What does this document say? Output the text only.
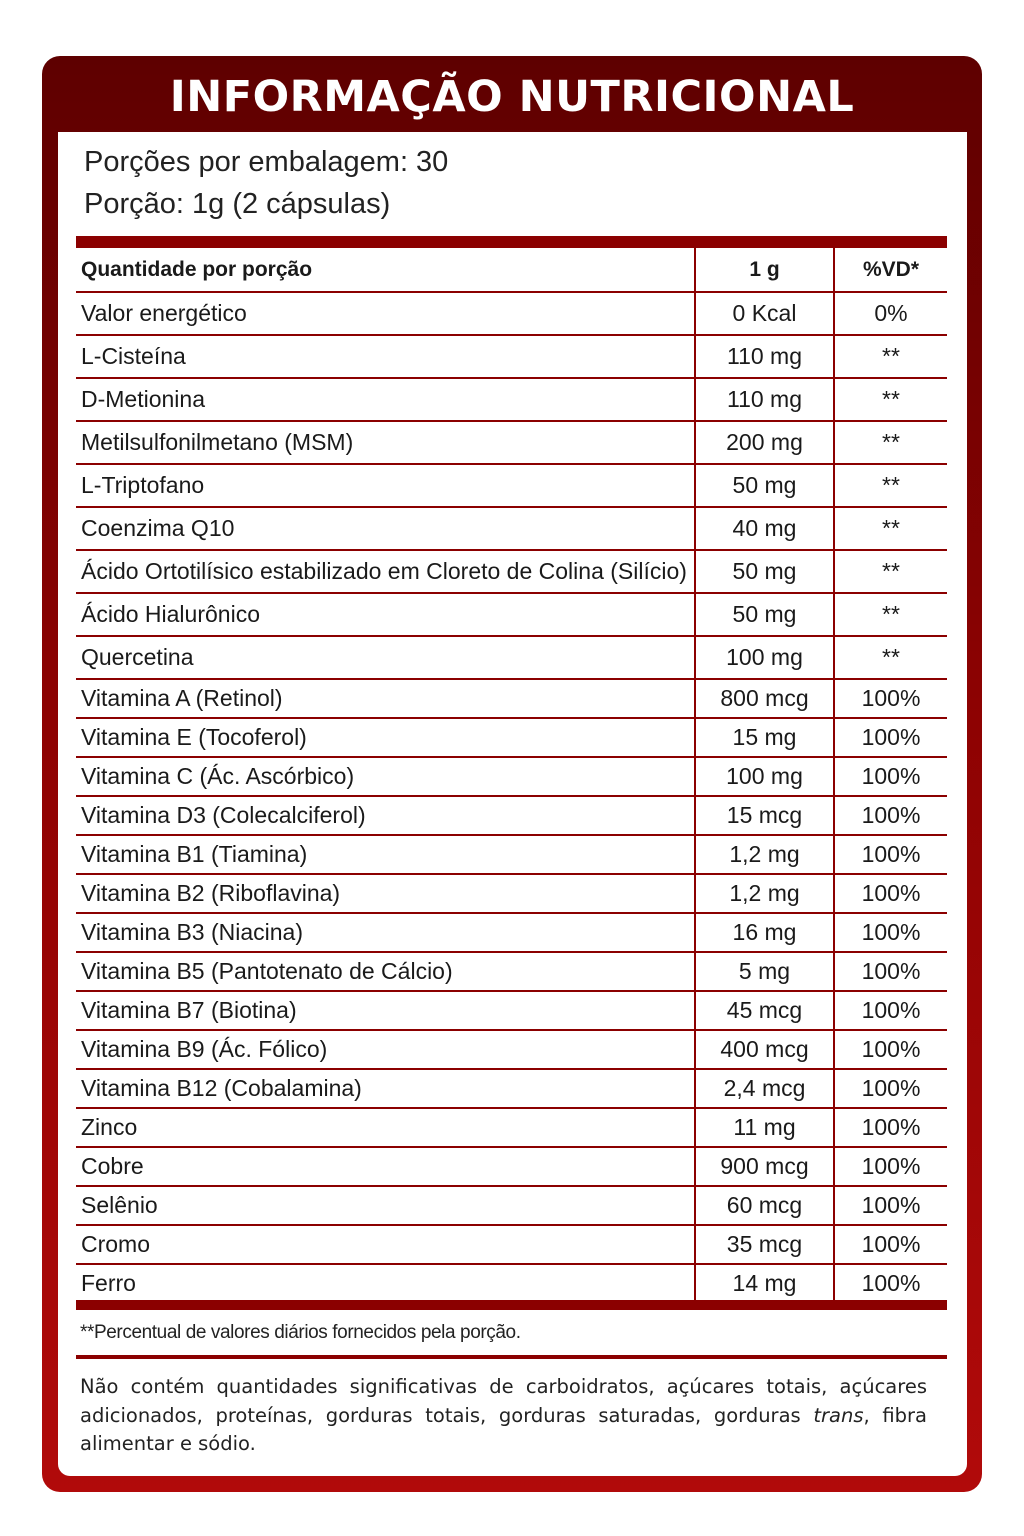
INFORMAÇÃO NUTRICIONAL
Porções por embalagem: 30
Porção: 1g (2 cápsulas)
Quantidade por porção	1 g	%VD*
Valor energético	0 Kcal	0%
L-Cisteína	110 mg	**
D-Metionina	110 mg	**
Metilsulfonilmetano (MSM)	200 mg	**
L-Triptofano	50 mg	**
Coenzima Q10	40 mg	**
Ácido Ortotilísico estabilizado em Cloreto de Colina (Silício)	50 mg	**
Ácido Hialurônico	50 mg	**
Quercetina	100 mg	**
Vitamina A (Retinol)	800 mcg	100%
Vitamina E (Tocoferol)	15 mg	100%
Vitamina C (Ác. Ascórbico)	100 mg	100%
Vitamina D3 (Colecalciferol)	15 mcg	100%
Vitamina B1 (Tiamina)	1,2 mg	100%
Vitamina B2 (Riboflavina)	1,2 mg	100%
Vitamina B3 (Niacina)	16 mg	100%
Vitamina B5 (Pantotenato de Cálcio)	5 mg	100%
Vitamina B7 (Biotina)	45 mcg	100%
Vitamina B9 (Ác. Fólico)	400 mcg	100%
Vitamina B12 (Cobalamina)	2,4 mcg	100%
Zinco	11 mg	100%
Cobre	900 mcg	100%
Selênio	60 mcg	100%
Cromo	35 mcg	100%
Ferro	14 mg	100%
**Percentual de valores diários fornecidos pela porção.
Não contém quantidades significativas de carboidratos, açúcares totais, açúcares adicionados, proteínas, gorduras totais, gorduras saturadas, gorduras trans, fibra alimentar e sódio.
